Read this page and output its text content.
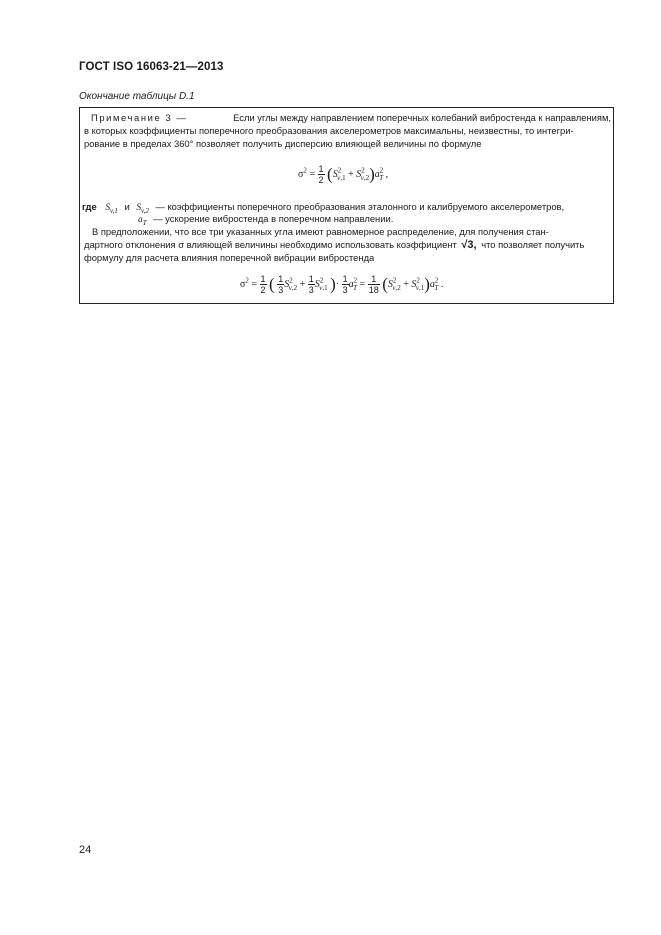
ГОСТ ISO 16063-21—2013
Окончание таблицы D.1
Примечание 3 —	Если углы между направлением поперечных колебаний вибростенда к направлениям,
в которых коэффициенты поперечного преобразования акселерометров максимальны, неизвестны, то интегри-
рование в пределах 360° позволяет получить дисперсию влияющей величины по формуле
$\sigma^2 = \frac{1}{2} (S^2_{v,1} + S^2_{v,2})a^2_T$ ,
где $S_{v,1}$ и $S_{v,2}$ — коэффициенты поперечного преобразования эталонного и калибруемого акселерометров,
$a_T$ — ускорение вибростенда в поперечном направлении.
В предположении, что все три указанных угла имеют равномерное распределение, для получения стан-
дартного отклонения σ влияющей величины необходимо использовать коэффициент √3, что позволяет получить
формулу для расчета влияния поперечной вибрации вибростенда
$\sigma^2 = \frac{1}{2}$ ( $\frac{1}{3} S^2_{v,2} + \frac{1}{3} S^2_{v,1}$ )· $\frac{1}{3} a^2_T = \frac{1}{18} (S^2_{v,2} + S^2_{v,1})a^2_T$ .
24
